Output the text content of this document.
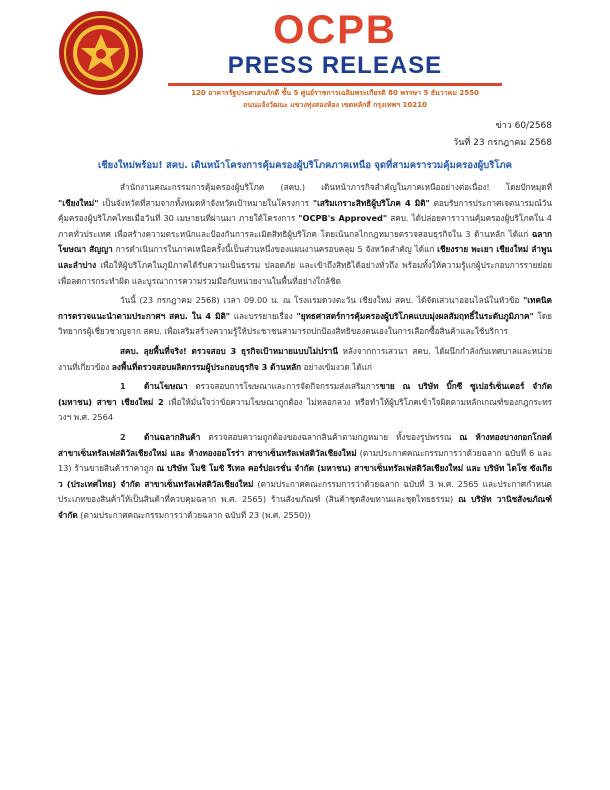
OCPB
PRESS RELEASE
120 อาคารรัฐประศาสนภักดี ชั้น 5 ศูนย์ราชการเฉลิมพระเกียรติ 80 พรรษา 5 ธันวาคม 2550
ถนนแจ้งวัฒนะ แขวงทุ่งสองห้อง เขตหลักสี่ กรุงเทพฯ 10210
ข่าว 60/2568
วันที่ 23 กรกฎาคม 2568
เชียงใหม่พร้อม! สคบ. เดินหน้าโครงการคุ้มครองผู้บริโภคภาคเหนือ จุดที่สามครารวมคุ้มครองผู้บริโภค

สำนักงานคณะกรรมการคุ้มครองผู้บริโภค (สคบ.) เดินหน้าภารกิจสำคัญในภาคเหนืออย่างต่อเนื่อง! โดยปักหมุดที่ "เชียงใหม่" เป็นจังหวัดที่สามจากทั้งหมดห้าจังหวัดเป้าหมายในโครงการ "เสริมเกราะสิทธิผู้บริโภค 4 มิติ" ตอบรับการประกาศเจตนารมณ์วันคุ้มครองผู้บริโภคไทยเมื่อวันที่ 30 เมษายนที่ผ่านมา ภายใต้โครงการ "OCPB's Approved" สคบ. ได้ปล่อยคาราวานคุ้มครองผู้บริโภคใน 4 ภาคทั่วประเทศ เพื่อสร้างความตระหนักและป้องกันการละเมิดสิทธิผู้บริโภค โดยเน้นกลไกกฎหมายตรวจสอบธุรกิจใน 3 ด้านหลัก ได้แก่ ฉลาก โฆษณา สัญญา การดำเนินการในภาคเหนือครั้งนี้เป็นส่วนหนึ่งของแผนงานครอบคลุม 5 จังหวัดสำคัญ ได้แก่ เชียงราย พะเยา เชียงใหม่ ลำพูน และลำปาง เพื่อให้ผู้บริโภคในภูมิภาคได้รับความเป็นธรรม ปลอดภัย และเข้าถึงสิทธิได้อย่างทั่วถึง พร้อมทั้งให้ความรู้แก่ผู้ประกอบการรายย่อยเพื่อลดการกระทำผิด และบูรณาการความร่วมมือกับหน่วยงานในพื้นที่อย่างใกล้ชิด

วันนี้ (23 กรกฎาคม 2568) เวลา 09.00 น. ณ โรงแรมดวงตะวัน เชียงใหม่ สคบ. ได้จัดเสวนาออนไลน์ในหัวข้อ "เทคนิคการตรวจแนะนำตามประกาศฯ สคบ. ใน 4 มิติ" และบรรยายเรื่อง "ยุทธศาสตร์การคุ้มครองผู้บริโภคแบบมุ่งผลสัมฤทธิ์ในระดับภูมิภาค" โดยวิทยากรผู้เชี่ยวชาญจาก สคบ. เพื่อเสริมสร้างความรู้ให้ประชาชนสามารถปกป้องสิทธิของตนเองในการเลือกซื้อสินค้าและใช้บริการ

สคบ. ลุยพื้นที่จริง! ตรวจสอบ 3 ธุรกิจเป้าหมายแบบไม่ปรานี หลังจากการเสวนา สคบ. ได้ผนึกกำลังกับเทศบาลและหน่วยงานที่เกี่ยวข้อง ลงพื้นที่ตรวจสอบผลิตกรรมผู้ประกอบธุรกิจ 3 ด้านหลัก อย่างเข้มงวด ได้แก่

1 ด้านโฆษณา ตรวจสอบการโฆษณาและการจัดกิจกรรมส่งเสริมการขาย ณ บริษัท บิ๊กซี ซูเปอร์เซ็นเตอร์ จำกัด (มหาชน) สาขา เชียงใหม่ 2 เพื่อให้มั่นใจว่าข้อความโฆษณาถูกต้อง ไม่หลอกลวง หรือทำให้ผู้บริโภคเข้าใจผิดตามหลักเกณฑ์ของกฎกระทรวงฯ พ.ศ. 2564

2 ด้านฉลากสินค้า ตรวจสอบความถูกต้องของฉลากสินค้าตามกฎหมาย ทั้งของรูปพรรณ ณ ห้างทองบางกอกโกลด์ สาขาเซ็นทรัลเฟสติวัลเชียงใหม่ และ ห้างทองออโรร่า สาขาเซ็นทรัลเฟสติวัลเชียงใหม่ (ตามประกาศคณะกรรมการว่าด้วยฉลาก ฉบับที่ 6 และ 13) ร้านขายสินค้าราคาถูก ณ บริษัท โมชิ โมชิ รีเทล คอร์ปอเรชั่น จำกัด (มหาชน) สาขาเซ็นทรัลเฟสติวัลเชียงใหม่ และ บริษัท ไดโซ ซังเกียว (ประเทศไทย) จำกัด สาขาเซ็นทรัลเฟสติวัลเชียงใหม่ (ตามประกาศคณะกรรมการว่าด้วยฉลาก ฉบับที่ 3 พ.ศ. 2565 และประกาศกำหนดประเภทของสินค้าให้เป็นสินค้าที่ควบคุมฉลาก พ.ศ. 2565) ร้านสังฆภัณฑ์ (สินค้าชุดสังฆทานและชุดไทยธรรม) ณ บริษัท วานิชสังฆภัณฑ์ จำกัด (ตามประกาศคณะกรรมการว่าด้วยฉลาก ฉบับที่ 23 (พ.ศ. 2550))
